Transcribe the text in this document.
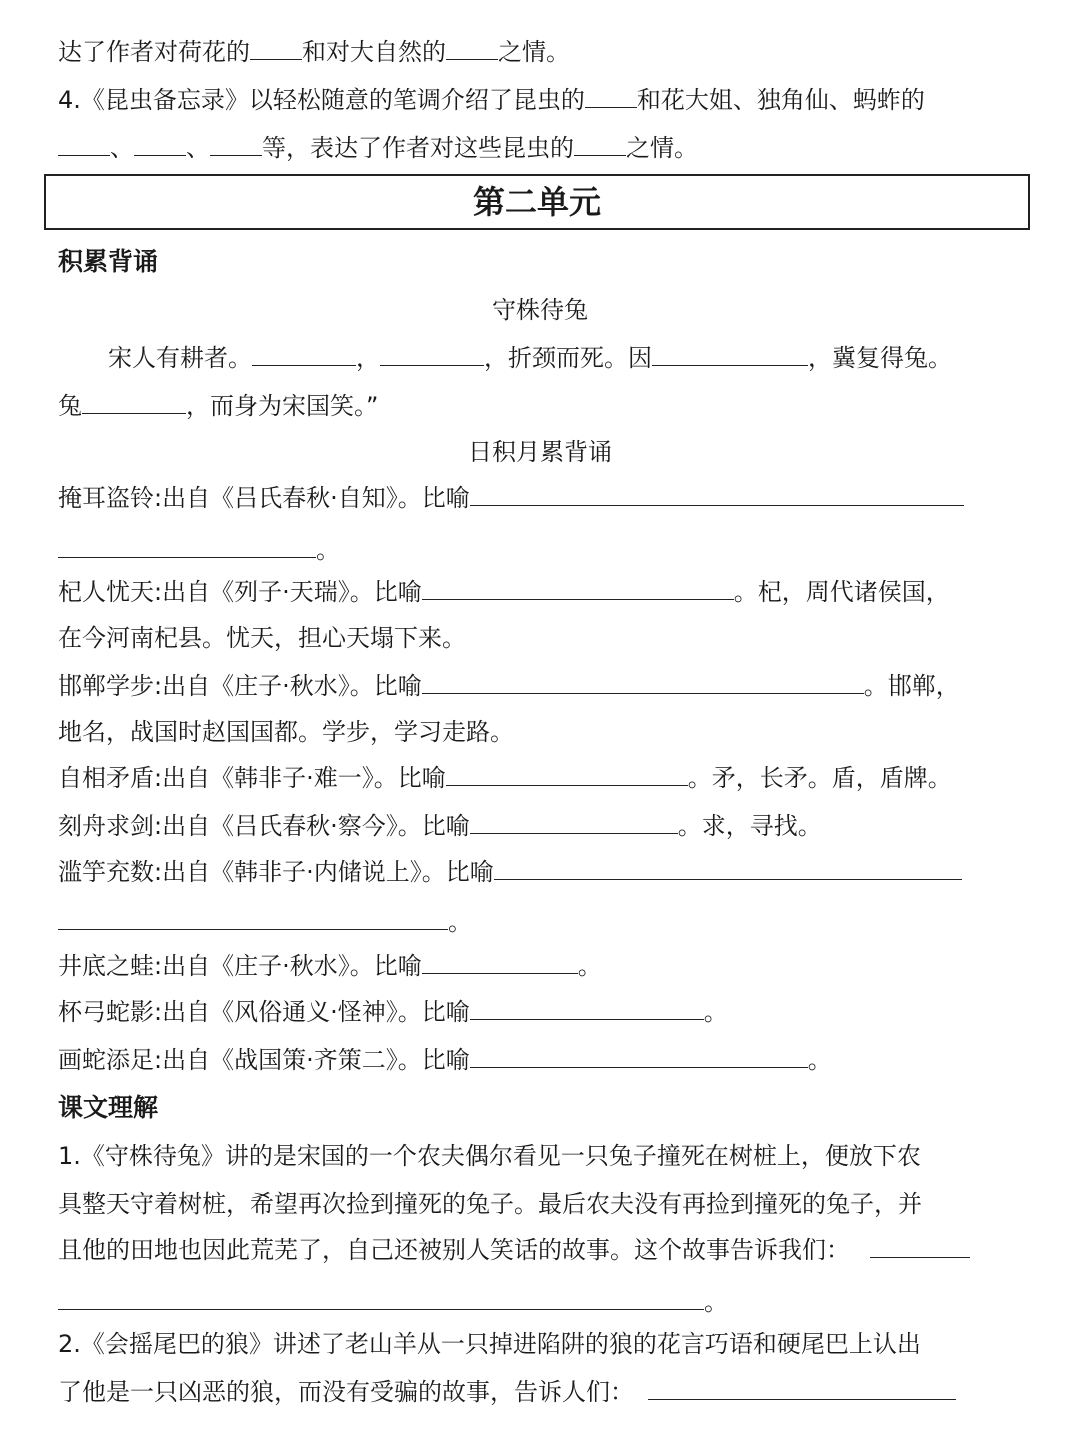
达了作者对荷花的 和对大自然的 之情。
4.《昆虫备忘录》以轻松随意的笔调介绍了昆虫的 和花大姐、独角仙、蚂蚱的
、 、 等，表达了作者对这些昆虫的 之情。
第二单元
积累背诵
守株待兔
宋人有耕者。	，	，折颈而死。因	，冀复得兔。
兔	，而身为宋国笑。”
日积月累背诵
掩耳盗铃:出自《吕氏春秋·自知》。比喻
。
杞人忧天:出自《列子·天瑞》。比喻	。杞，周代诸侯国，
在今河南杞县。忧天，担心天塌下来。
邯郸学步:出自《庄子·秋水》。比喻	。邯郸，
地名，战国时赵国国都。学步，学习走路。
自相矛盾:出自《韩非子·难一》。比喻	。矛，长矛。盾，盾牌。
刻舟求剑:出自《吕氏春秋·察今》。比喻	。求，寻找。
滥竽充数:出自《韩非子·内储说上》。比喻
。
井底之蛙:出自《庄子·秋水》。比喻	。
杯弓蛇影:出自《风俗通义·怪神》。比喻	。
画蛇添足:出自《战国策·齐策二》。比喻	。
课文理解
1.《守株待兔》讲的是宋国的一个农夫偶尔看见一只兔子撞死在树桩上，便放下农
具整天守着树桩，希望再次捡到撞死的兔子。最后农夫没有再捡到撞死的兔子，并
且他的田地也因此荒芜了，自己还被别人笑话的故事。这个故事告诉我们：
。
2.《会摇尾巴的狼》讲述了老山羊从一只掉进陷阱的狼的花言巧语和硬尾巴上认出
了他是一只凶恶的狼，而没有受骗的故事，告诉人们：
